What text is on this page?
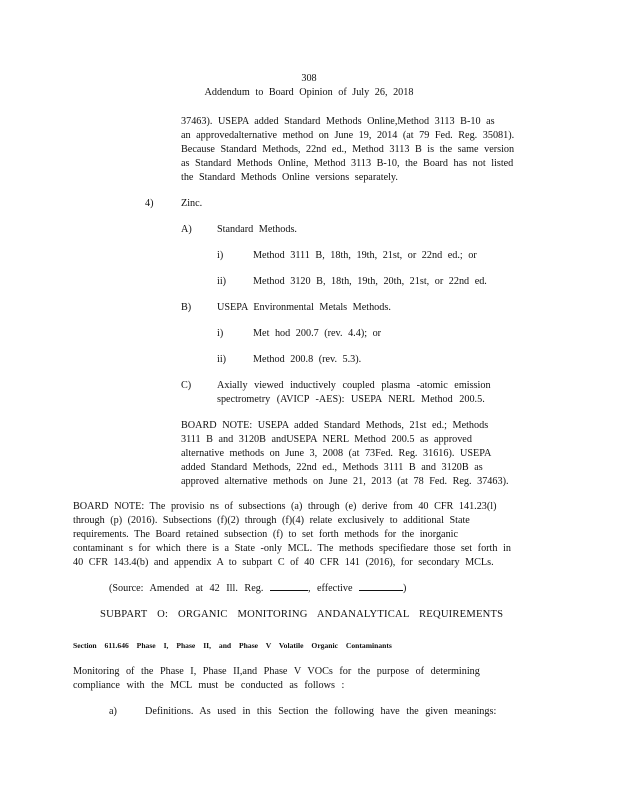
308
Addendum to Board Opinion of July 26, 2018
37463). USEPA added Standard Methods Online,Method 3113 B-10 as
an approvedalternative method on June 19, 2014 (at 79 Fed. Reg. 35081).
Because Standard Methods, 22nd ed., Method 3113 B is the same version
as Standard Methods Online, Method 3113 B-10, the Board has not listed
the Standard Methods Online versions separately.
4)	Zinc.
A) Standard Methods.
i)	Method 3111 B, 18th, 19th, 21st, or 22nd ed.; or
ii)	Method 3120 B, 18th, 19th, 20th, 21st, or 22nd ed.
B)	USEPA Environmental Metals Methods.
i)	Met hod 200.7 (rev. 4.4); or
ii)	Method 200.8 (rev. 5.3).
C)	Axially viewed inductively coupled plasma -atomic emission
spectrometry (AVICP -AES): USEPA NERL Method 200.5.
BOARD NOTE: USEPA added Standard Methods, 21st ed.; Methods
3111 B and 3120B andUSEPA NERL Method 200.5 as approved
alternative methods on June 3, 2008 (at 73Fed. Reg. 31616). USEPA
added Standard Methods, 22nd ed., Methods 3111 B and 3120B as
approved alternative methods on June 21, 2013 (at 78 Fed. Reg. 37463).
BOARD NOTE: The provisio ns of subsections (a) through (e) derive from 40 CFR 141.23(l)
through (p) (2016). Subsections (f)(2) through (f)(4) relate exclusively to additional State
requirements. The Board retained subsection (f) to set forth methods for the inorganic
contaminant s for which there is a State -only MCL. The methods specifiedare those set forth in
40 CFR 143.4(b) and appendix A to subpart C of 40 CFR 141 (2016), for secondary MCLs.
(Source: Amended at 42 Ill. Reg.	, effective	)
SUBPART O: ORGANIC MONITORING ANDANALYTICAL REQUIREMENTS
Section 611.646 Phase I, Phase II, and Phase V Volatile Organic Contaminants
Monitoring of the Phase I, Phase II,and Phase V VOCs for the purpose of determining
compliance with the MCL must be conducted as follows :
a)	Definitions. As used in this Section the following have the given meanings:
